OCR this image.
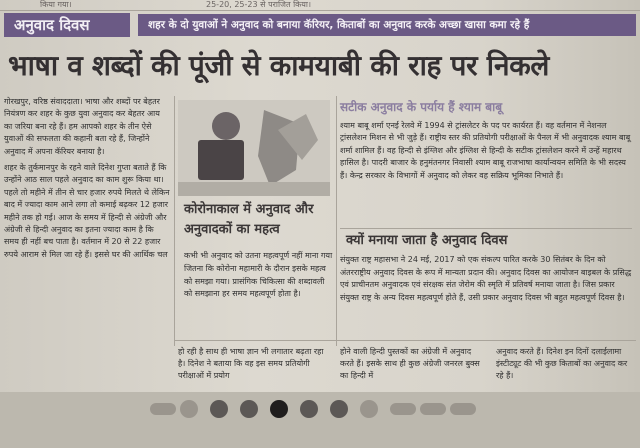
किया गया।	25-20, 25-23 से पराजित किया।
अनुवाद दिवस	शहर के दो युवाओं ने अनुवाद को बनाया कॅरियर, किताबों का अनुवाद करके अच्छा खासा कमा रहे हैं
भाषा व शब्दों की पूंजी से कामयाबी की राह पर निकले

गोरखपुर, वरिष्ठ संवाददाता। भाषा और शब्दों पर बेहतर नियंत्रण कर शहर के कुछ युवा अनुवाद कर बेहतर आय का जरिया बना रहे हैं। हम आपको शहर के तीन ऐसे युवाओं की सफलता की कहानी बता रहे हैं, जिन्होंने अनुवाद में अपना कॅरियर बनाया है।

शहर के तुर्कमानपुर के रहने वाले दिनेश गुप्ता बताते हैं कि उन्होंने आठ साल पहले अनुवाद का काम शुरू किया था। पहले तो महीने में तीन से चार हजार रुपये मिलते थे लेकिन बाद में ज्यादा काम आने लगा तो कमाई बढ़कर 12 हजार महीने तक हो गई। आज के समय में हिन्दी से अंग्रेजी और अंग्रेजी से हिन्दी अनुवाद का इतना ज्यादा काम है कि समय ही नहीं बच पाता है। वर्तमान में 20 से 22 हजार रुपये आराम से मिल जा रहे हैं। इससे घर की आर्थिक चल

कोरोनाकाल में अनुवाद और अनुवादकों का महत्व
कभी भी अनुवाद को उतना महत्वपूर्ण नहीं माना गया जितना कि कोरोना महामारी के दौरान इसके महत्व को समझा गया। प्रासंगिक चिकित्सा की शब्दावली को समझाना हर समय महत्वपूर्ण होता है।
सटीक अनुवाद के पर्याय हैं श्याम बाबू
श्याम बाबू शर्मा एनई रेलवे में 1994 से ट्रांसलेटर के पद पर कार्यरत हैं। वह वर्तमान में नेशनल ट्रांसलेशन मिशन से भी जुड़े हैं। राष्ट्रीय स्तर की प्रतियोगी परीक्षाओं के पैनल में भी अनुवादक श्याम बाबू शर्मा शामिल हैं। वह हिन्दी से इंग्लिश और इंग्लिश से हिन्दी के सटीक ट्रांसलेशन करने में उन्हें महारथ हासिल है। पादरी बाजार के हनुमंतनगर निवासी श्याम बाबू राजभाषा कार्यान्वयन समिति के भी सदस्य हैं। केन्द्र सरकार के विभागों में अनुवाद को लेकर वह सक्रिय भूमिका निभाते हैं।
क्यों मनाया जाता है अनुवाद दिवस
संयुक्त राष्ट्र महासभा ने 24 मई, 2017 को एक संकल्प पारित करके 30 सितंबर के दिन को अंतरराष्ट्रीय अनुवाद दिवस के रूप में मान्यता प्रदान की। अनुवाद दिवस का आयोजन बाइबल के प्रसिद्ध एवं प्राचीनतम अनुवादक एवं संरक्षक संत जेरोम की स्मृति में प्रतिवर्ष मनाया जाता है। जिस प्रकार संयुक्त राष्ट्र के अन्य दिवस महत्वपूर्ण होते हैं, उसी प्रकार अनुवाद दिवस भी बहुत महत्वपूर्ण दिवस है।
हो रही है साथ ही भाषा ज्ञान भी लगातार बढ़ता रहा है। दिनेश ने बताया कि वह इस समय प्रतियोगी परीक्षाओं में प्रयोग
होने वाली हिन्दी पुस्तकों का अंग्रेजी में अनुवाद करते हैं। इसके साथ ही कुछ अंग्रेजी जनरल बुक्स का हिन्दी में
अनुवाद करते हैं। दिनेश इन दिनों दलाईलामा इंस्टीट्यूट की भी कुछ किताबों का अनुवाद कर रहे हैं।
